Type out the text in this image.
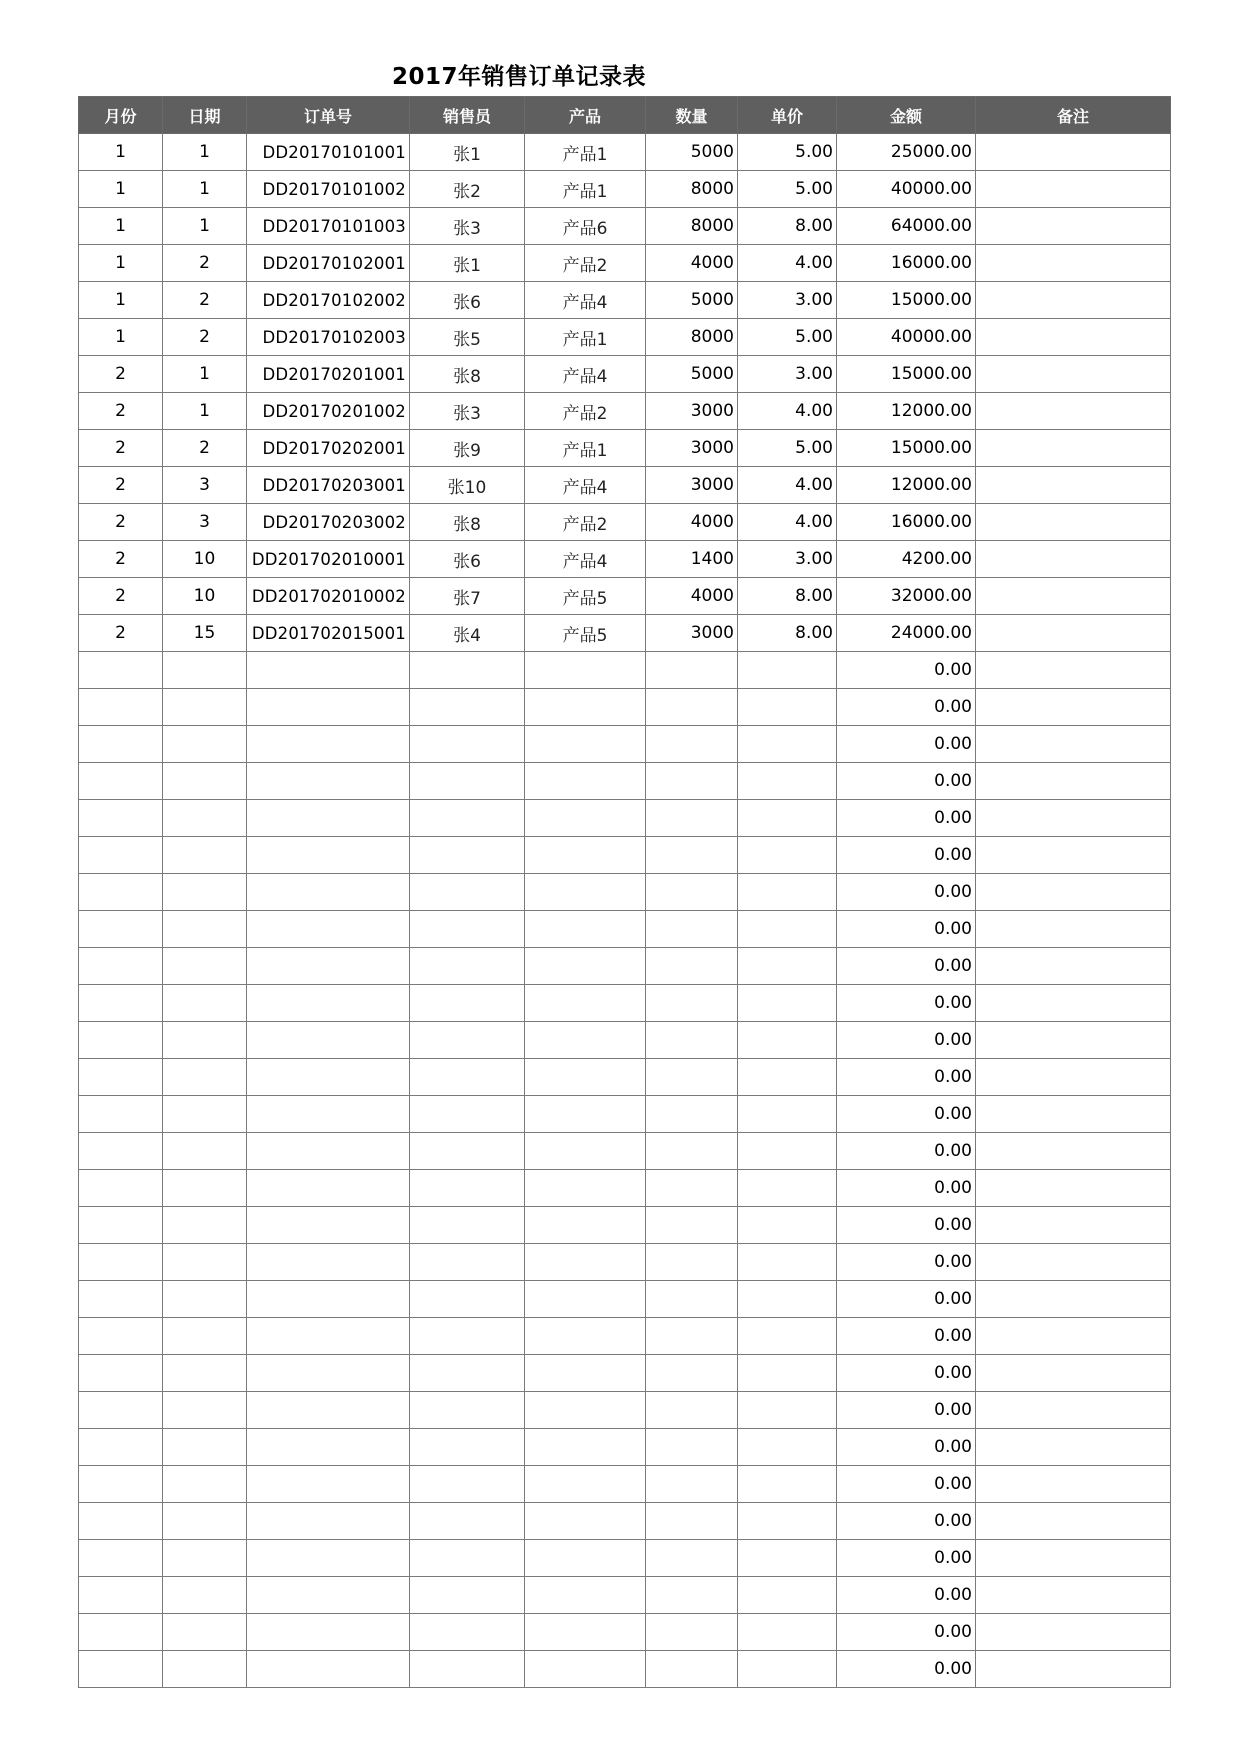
2017年销售订单记录表
月份	日期	订单号	销售员	产品	数量	单价	金额	备注
1	1	DD20170101001	张1	产品1	5000	5.00	25000.00	
1	1	DD20170101002	张2	产品1	8000	5.00	40000.00	
1	1	DD20170101003	张3	产品6	8000	8.00	64000.00	
1	2	DD20170102001	张1	产品2	4000	4.00	16000.00	
1	2	DD20170102002	张6	产品4	5000	3.00	15000.00	
1	2	DD20170102003	张5	产品1	8000	5.00	40000.00	
2	1	DD20170201001	张8	产品4	5000	3.00	15000.00	
2	1	DD20170201002	张3	产品2	3000	4.00	12000.00	
2	2	DD20170202001	张9	产品1	3000	5.00	15000.00	
2	3	DD20170203001	张10	产品4	3000	4.00	12000.00	
2	3	DD20170203002	张8	产品2	4000	4.00	16000.00	
2	10	DD201702010001	张6	产品4	1400	3.00	4200.00	
2	10	DD201702010002	张7	产品5	4000	8.00	32000.00	
2	15	DD201702015001	张4	产品5	3000	8.00	24000.00	
							0.00	
							0.00	
							0.00	
							0.00	
							0.00	
							0.00	
							0.00	
							0.00	
							0.00	
							0.00	
							0.00	
							0.00	
							0.00	
							0.00	
							0.00	
							0.00	
							0.00	
							0.00	
							0.00	
							0.00	
							0.00	
							0.00	
							0.00	
							0.00	
							0.00	
							0.00	
							0.00	
							0.00	
